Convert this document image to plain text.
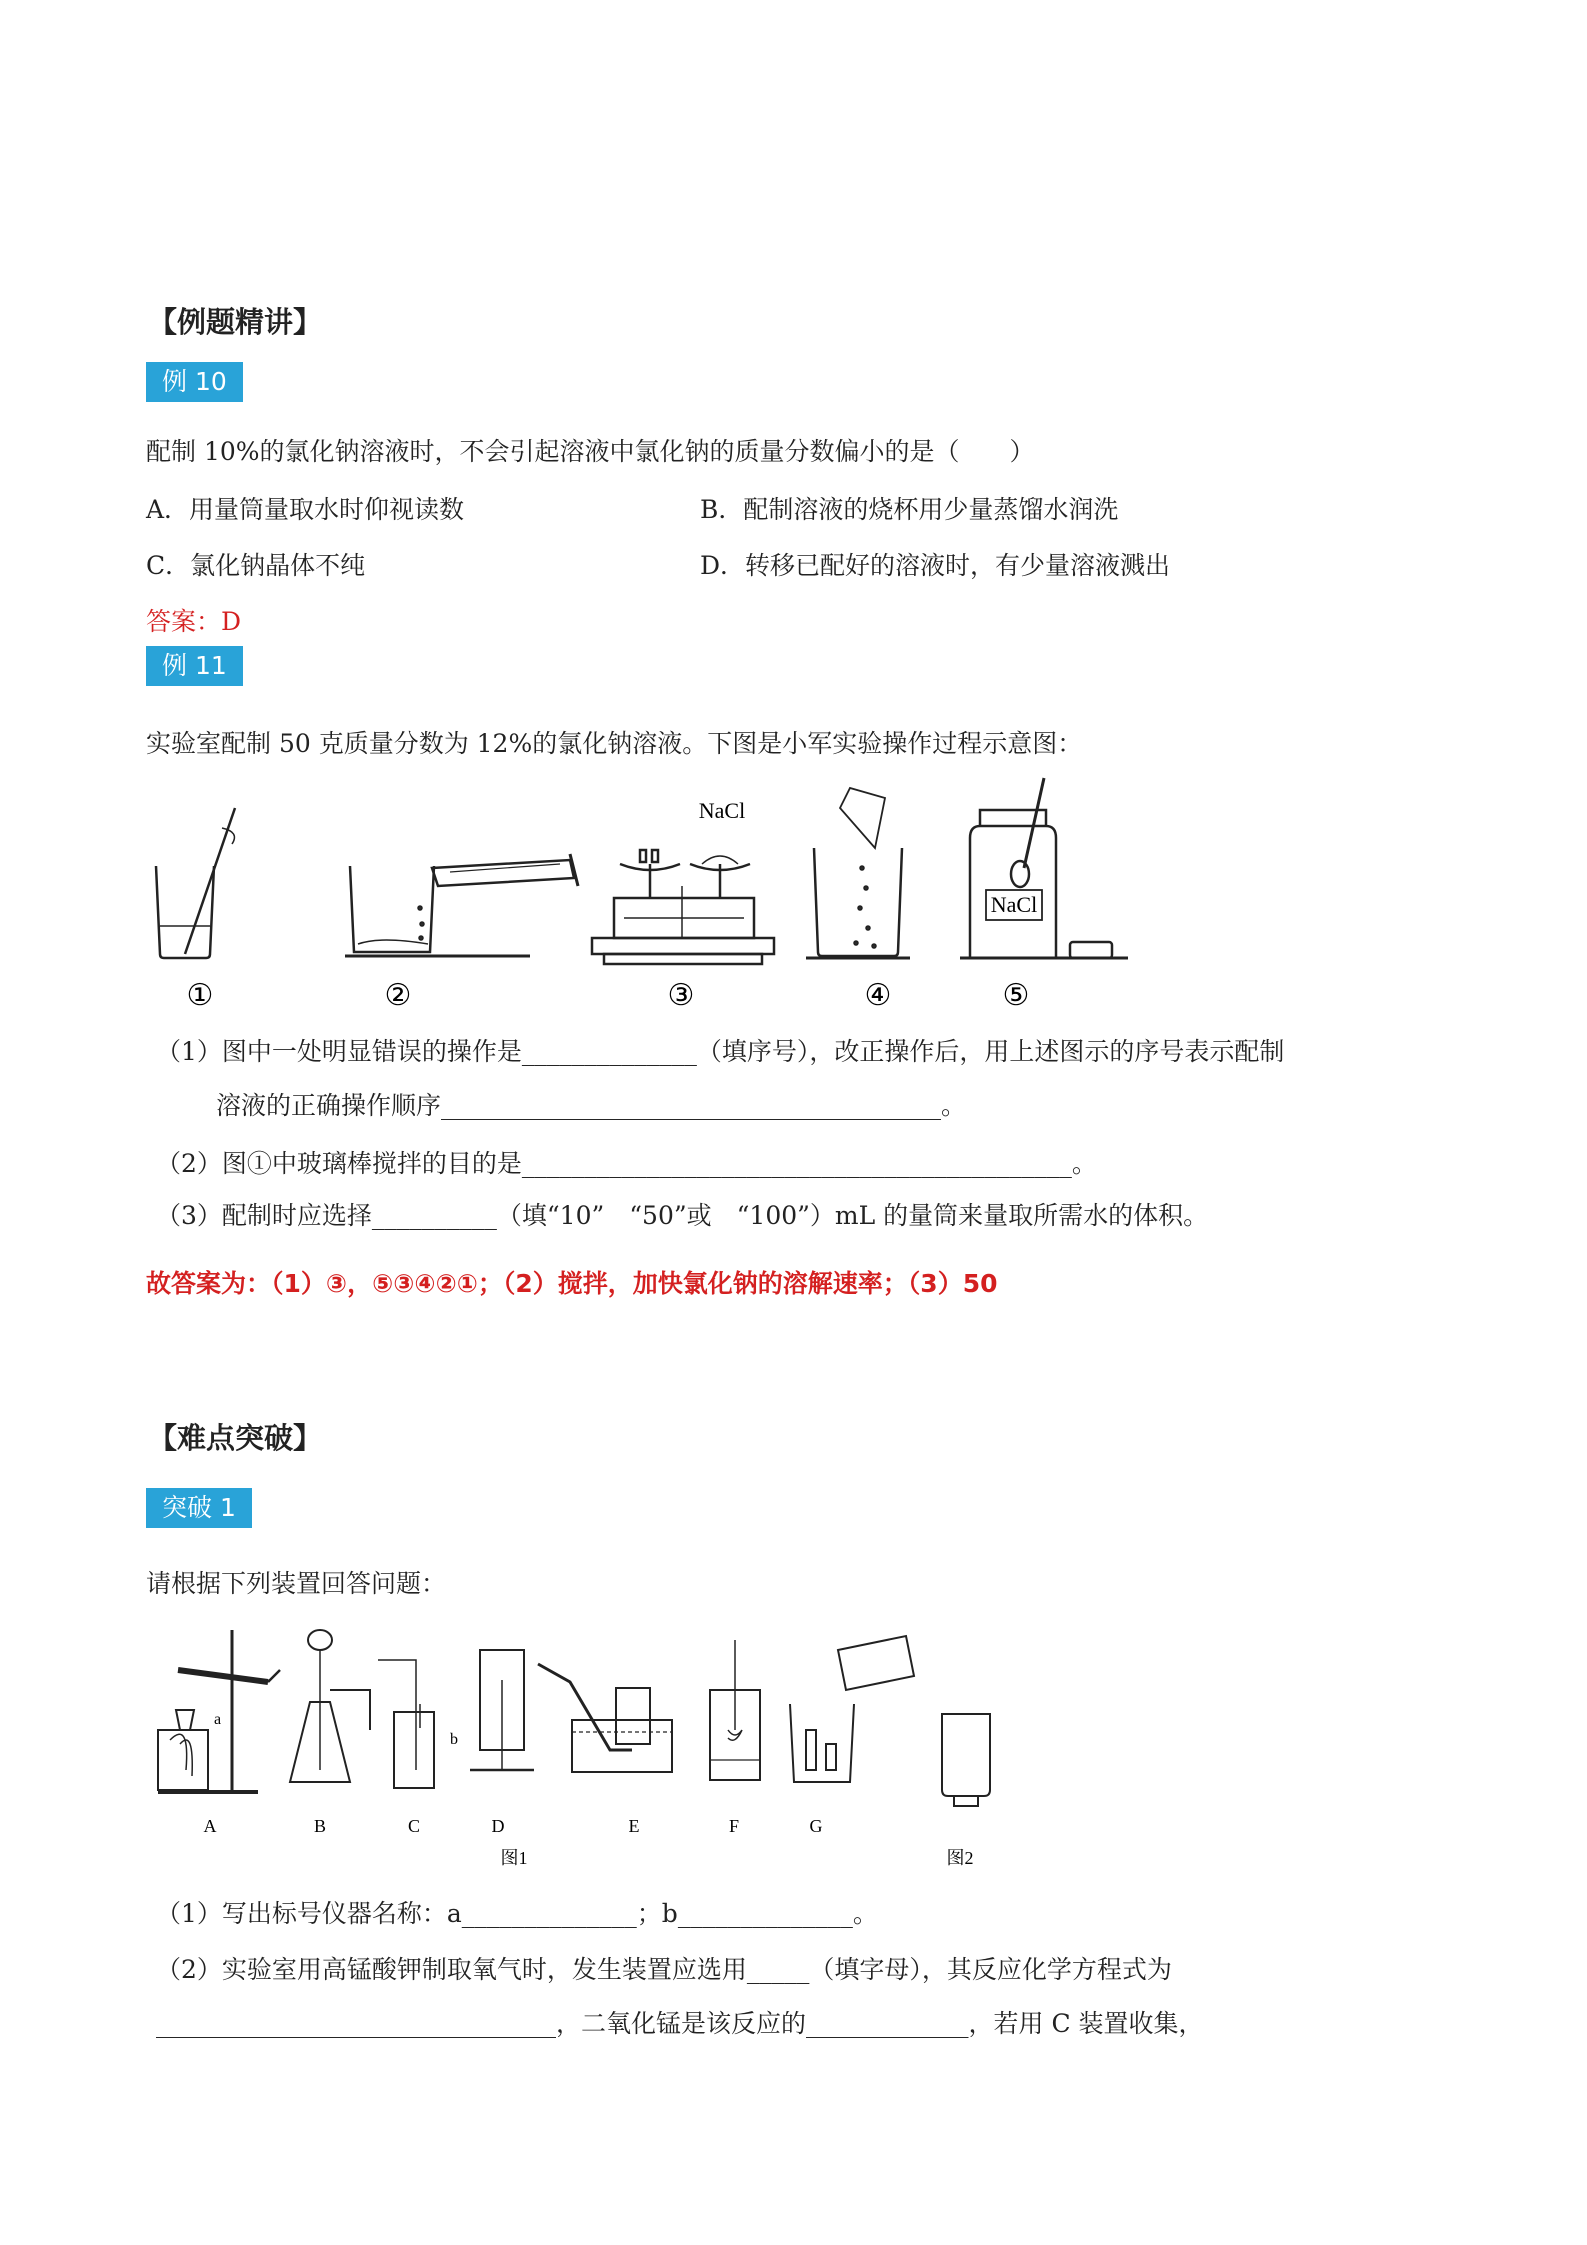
【例题精讲】
例 10
配制 10%的氯化钠溶液时，不会引起溶液中氯化钠的质量分数偏小的是（　　）
A．用量筒量取水时仰视读数	B．配制溶液的烧杯用少量蒸馏水润洗
C．氯化钠晶体不纯	D．转移已配好的溶液时，有少量溶液溅出
答案：D
例 11
实验室配制 50 克质量分数为 12%的氯化钠溶液。下图是小军实验操作过程示意图：
NaCl
NaCl
①	②	③	④	⑤
（1）图中一处明显错误的操作是______________（填序号），改正操作后，用上述图示的序号表示配制
溶液的正确操作顺序________________________________________。
（2）图①中玻璃棒搅拌的目的是____________________________________________。
（3）配制时应选择__________（填“10”　“50”或　“100”）mL 的量筒来量取所需水的体积。
故答案为：（1）③，⑤③④②①；（2）搅拌，加快氯化钠的溶解速率；（3）50
【难点突破】
突破 1
请根据下列装置回答问题：
A	B	C	D	E	F	G
图1	图2
a
b
（1）写出标号仪器名称：a______________；b______________。
（2）实验室用高锰酸钾制取氧气时，发生装置应选用_____（填字母），其反应化学方程式为
________________________________，二氧化锰是该反应的_____________，若用 C 装置收集，
